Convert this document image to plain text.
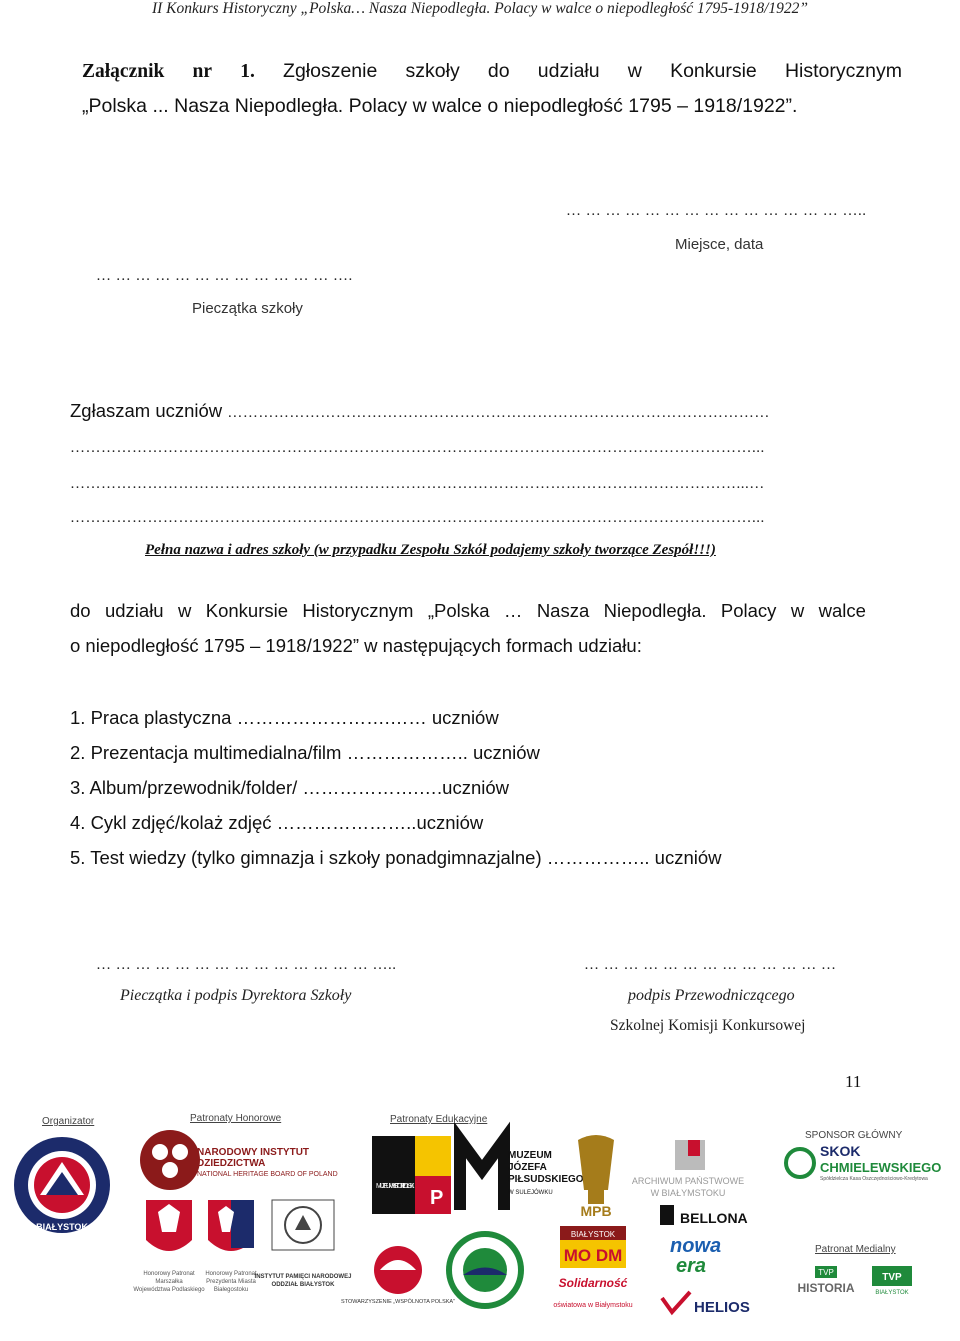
II Konkurs Historyczny „Polska… Nasza Niepodległa. Polacy w walce o niepodległość 1795-1918/1922”
Załącznik nr 1. Zgłoszenie szkoły do udziału w Konkursie Historycznym
„Polska ... Nasza Niepodległa. Polacy w walce o niepodległość 1795 – 1918/1922”.
… … … … … … … … … … … … … … …..
Miejsce, data
… … … … … … … … … … … … ….
Pieczątka szkoły
Zgłaszam uczniów ……………………………………………………………………………………………
……………………………………………………………………………………………………………………...
…………………………………………………………………………………………………………………...…
……………………………………………………………………………………………………………………...
Pełna nazwa i adres szkoły (w przypadku Zespołu Szkół podajemy szkoły tworzące Zespół!!!)
do udziału w Konkursie Historycznym „Polska … Nasza Niepodległa. Polacy w walce
o niepodległość 1795 – 1918/1922” w następujących formach udziału:
1. Praca plastyczna …………………….…… uczniów
2. Prezentacja multimedialna/film ……………….. uczniów
3. Album/przewodnik/folder/ ……………….….uczniów
4. Cykl zdjęć/kolaż zdjęć …………………..uczniów
5. Test wiedzy (tylko gimnazja i szkoły ponadgimnazjalne) …………….. uczniów
… … … … … … … … … … … … … … …..
Pieczątka i podpis Dyrektora Szkoły
… … … … … … … … … … … … …
podpis Przewodniczącego
Szkolnej Komisji Konkursowej
11
Organizator	Patronaty Honorowe	Patronaty Edukacyjne
SPONSOR GŁÓWNY
Patronat Medialny
BIAŁYSTOK
NARODOWY INSTYTUT
DZIEDZICTWA
NATIONAL HERITAGE BOARD OF POLAND
Honorowy Patronat
Marszałka
Województwa Podlaskiego
Honorowy Patronat
Prezydenta Miasta
Białegostoku
INSTYTUT PAMIĘCI NARODOWEJ
ODDZIAŁ BIAŁYSTOK
MUZEUM HISTORII POLSKI
P
MUZEUM
JÓZEFA
PIŁSUDSKIEGO
W SULEJÓWKU
MPB
ARCHIWUM PAŃSTWOWE
W BIAŁYMSTOKU
SKOK
CHMIELEWSKIEGO
Spółdzielcza Kasa Oszczędnościowo-Kredytowa
STOWARZYSZENIE „WSPÓLNOTA POLSKA”
BIAŁYSTOK
MO DM
Solidarność
oświatowa w Białymstoku
BELLONA
nowa
era
HELIOS
TVP
HISTORIA
TVP
BIAŁYSTOK
